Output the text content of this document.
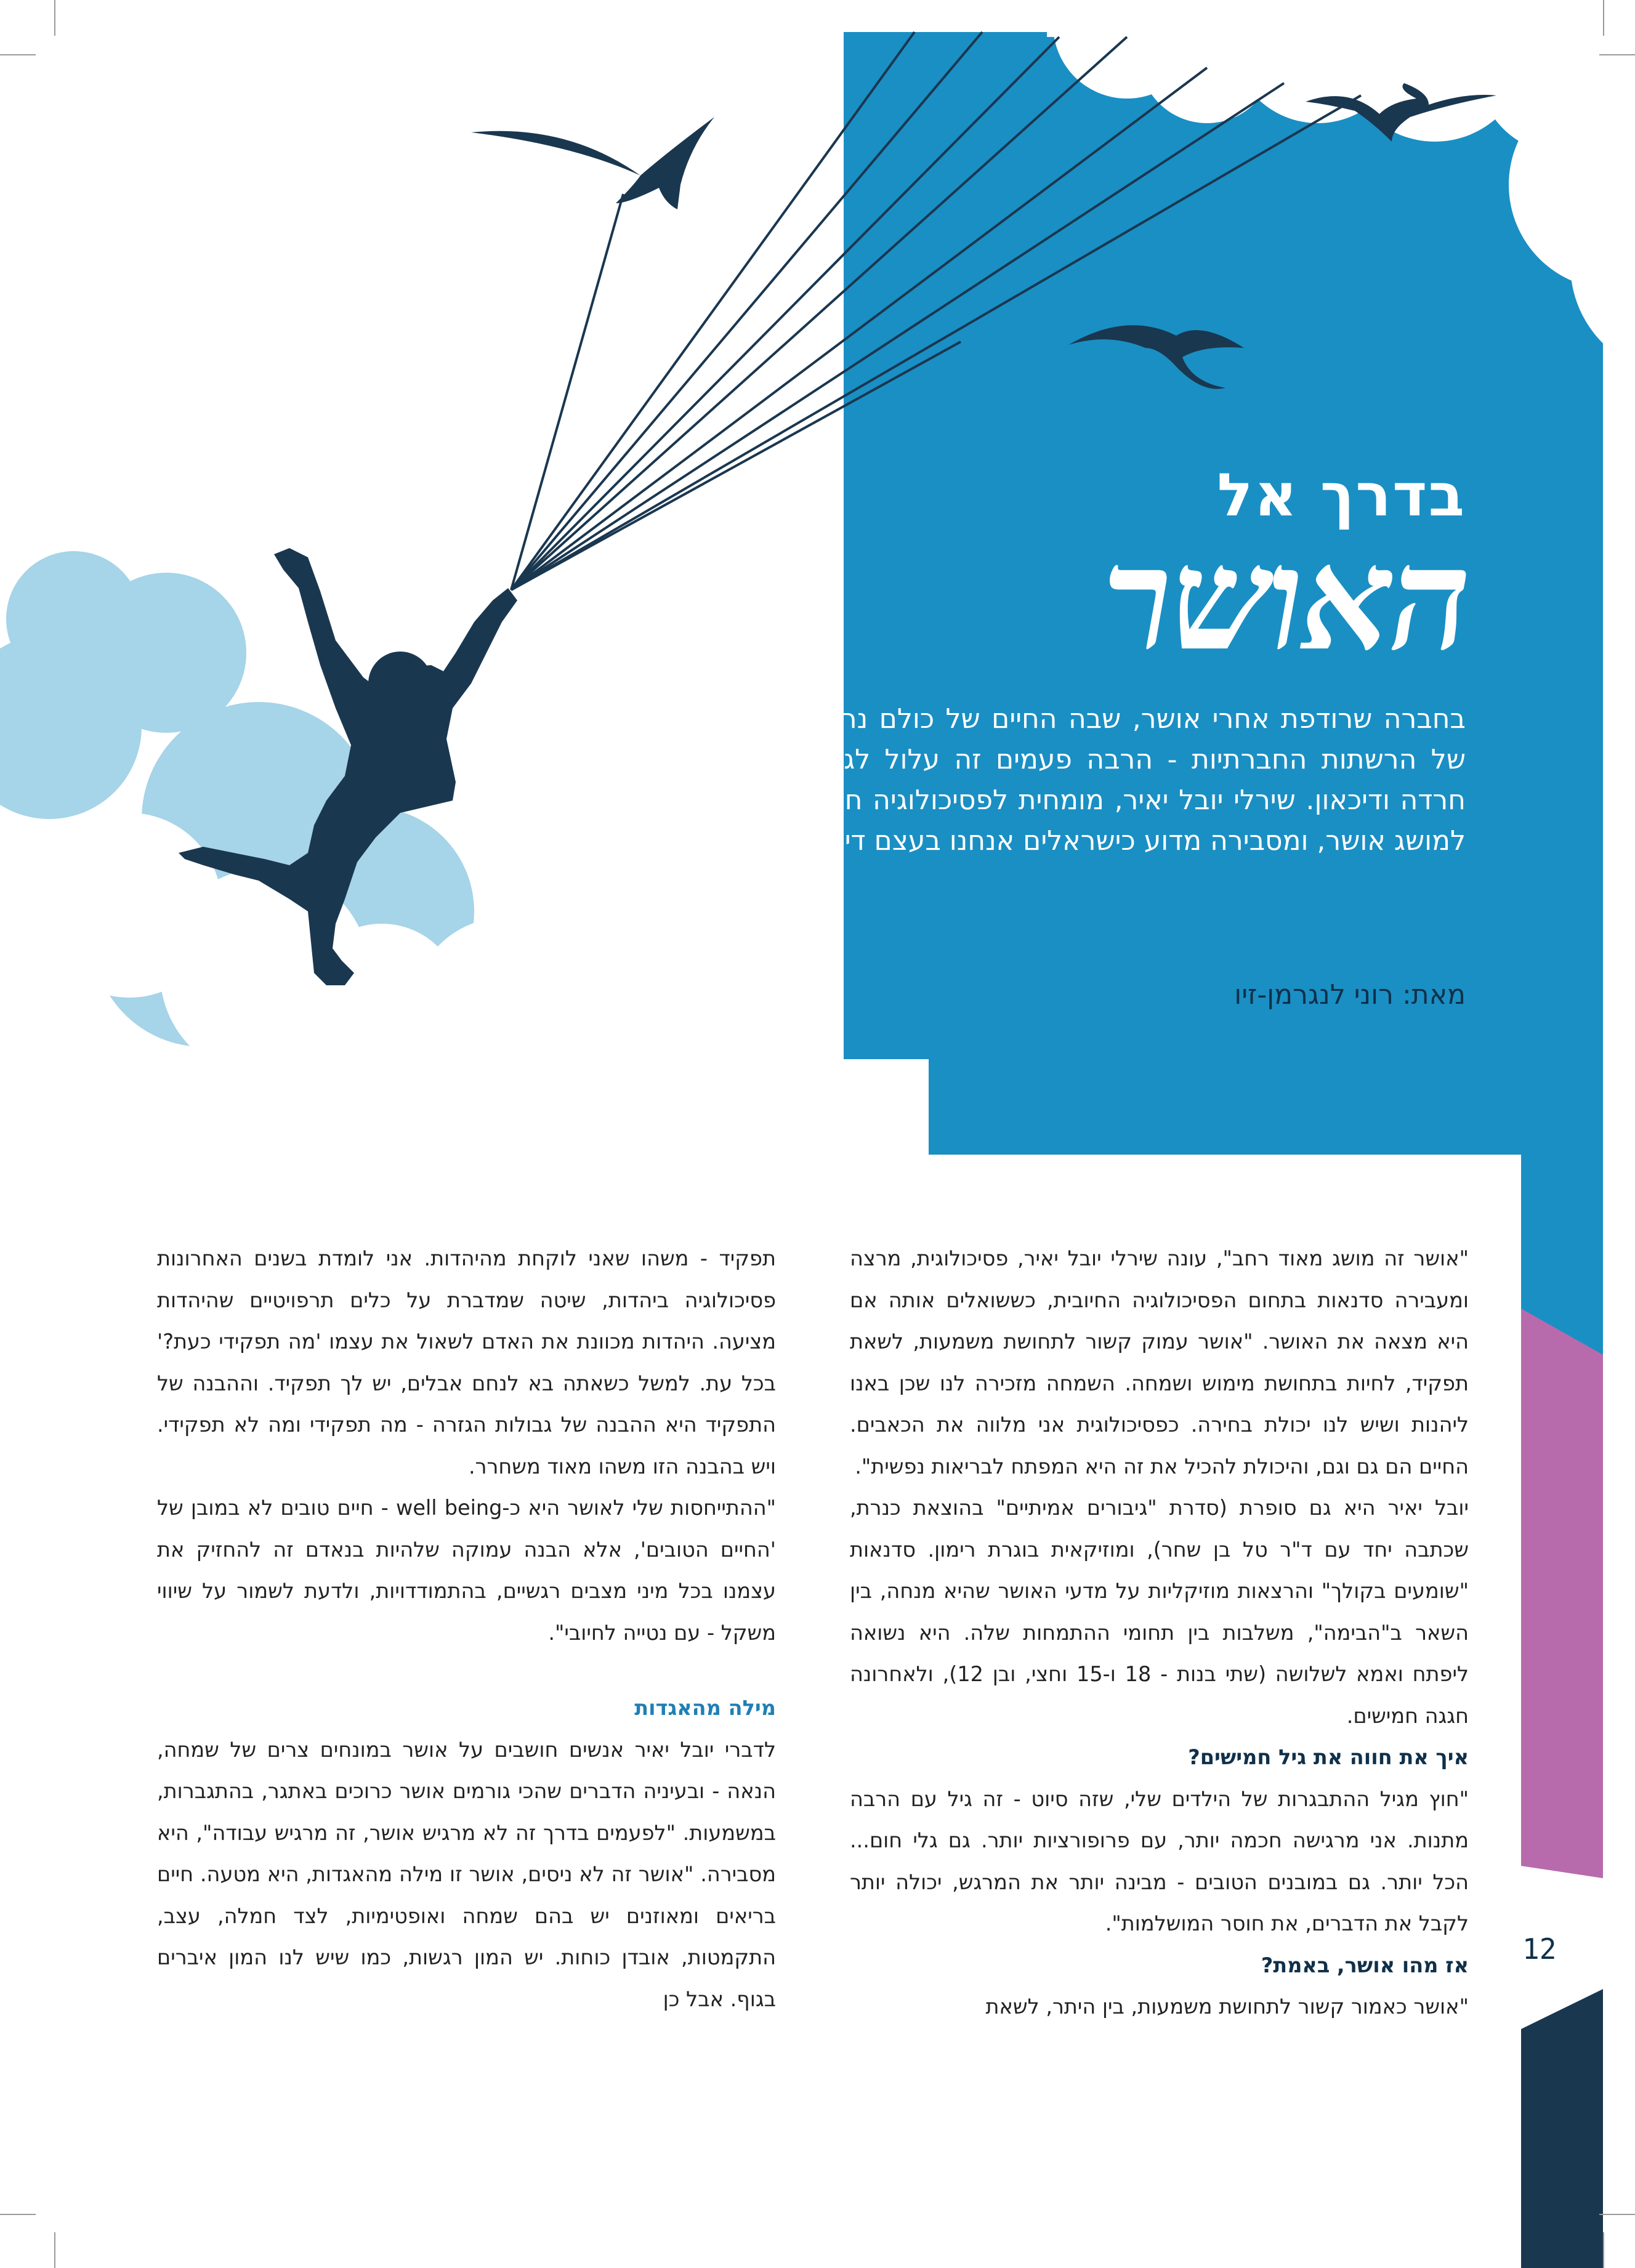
בדרך אל
האושר

בחברה שרודפת אחרי אושר, שבה החיים של כולם נראים מושלמים דרך הפילטרים של הרשתות החברתיות - הרבה פעמים זה עלול לגרור את האפקט ההפוך, של חרדה ודיכאון. שירלי יובל יאיר, מומחית לפסיכולוגיה חיובית, מציגה את הגרסה שלה למושג אושר, ומסבירה מדוע כישראלים אנחנו בעצם די מאושרים

מאת: רוני לנגרמן-זיו

"אושר זה מושג מאוד רחב", עונה שירלי יובל יאיר, פסיכולוגית, מרצה ומעבירה סדנאות בתחום הפסיכולוגיה החיובית, כששואלים אותה אם היא מצאה את האושר. "אושר עמוק קשור לתחושת משמעות, לשאת תפקיד, לחיות בתחושת מימוש ושמחה. השמחה מזכירה לנו שכן באנו ליהנות ושיש לנו יכולת בחירה. כפסיכולוגית אני מלווה את הכאבים. החיים הם גם וגם, והיכולת להכיל את זה היא המפתח לבריאות נפשית".

יובל יאיר היא גם סופרת (סדרת "גיבורים אמיתיים" בהוצאת כנרת, שכתבה יחד עם ד"ר טל בן שחר), ומוזיקאית בוגרת רימון. סדנאות "שומעים בקולך" והרצאות מוזיקליות על מדעי האושר שהיא מנחה, בין השאר ב"הבימה", משלבות בין תחומי ההתמחות שלה. היא נשואה ליפתח ואמא לשלושה (שתי בנות - 18 ו-15 וחצי, ובן 12), ולאחרונה חגגה חמישים.

איך את חווה את גיל חמישים?

"חוץ מגיל ההתבגרות של הילדים שלי, שזה סיוט - זה גיל עם הרבה מתנות. אני מרגישה חכמה יותר, עם פרופורציות יותר. גם גלי חום... הכל יותר. גם במובנים הטובים - מבינה יותר את המרגש, יכולה יותר לקבל את הדברים, את חוסר המושלמות".

אז מהו אושר, באמת?

"אושר כאמור קשור לתחושת משמעות, בין היתר, לשאת

תפקיד - משהו שאני לוקחת מהיהדות. אני לומדת בשנים האחרונות פסיכולוגיה ביהדות, שיטה שמדברת על כלים תרפויטיים שהיהדות מציעה. היהדות מכוונת את האדם לשאול את עצמו 'מה תפקידי כעת?' בכל עת. למשל כשאתה בא לנחם אבלים, יש לך תפקיד. וההבנה של התפקיד היא ההבנה של גבולות הגזרה - מה תפקידי ומה לא תפקידי. ויש בהבנה הזו משהו מאוד משחרר.

"ההתייחסות שלי לאושר היא כ-well being - חיים טובים לא במובן של 'החיים הטובים', אלא הבנה עמוקה שלהיות בנאדם זה להחזיק את עצמנו בכל מיני מצבים רגשיים, בהתמודדויות, ולדעת לשמור על שיווי משקל - עם נטייה לחיובי".

מילה מהאגדות

לדברי יובל יאיר אנשים חושבים על אושר במונחים צרים של שמחה, הנאה - ובעיניה הדברים שהכי גורמים אושר כרוכים באתגר, בהתגברות, במשמעות. "לפעמים בדרך זה לא מרגיש אושר, זה מרגיש עבודה", היא מסבירה. "אושר זה לא ניסים, אושר זו מילה מהאגדות, היא מטעה. חיים בריאים ומאוזנים יש בהם שמחה ואופטימיות, לצד חמלה, עצב, התקמטות, אובדן כוחות. יש המון רגשות, כמו שיש לנו המון איברים בגוף. אבל כן

12
